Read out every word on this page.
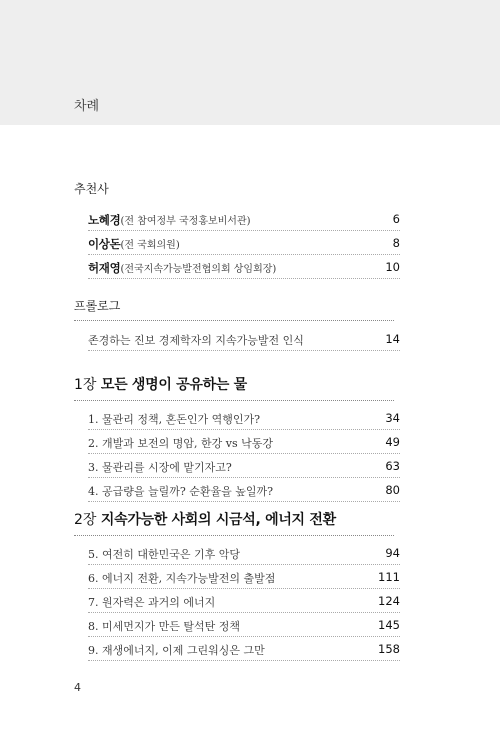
차례
추천사
노혜경(전 참여정부 국정홍보비서관)	6
이상돈(전 국회의원)	8
허재영(전국지속가능발전협의회 상임회장)	10
프롤로그
존경하는 진보 경제학자의 지속가능발전 인식	14
1장 모든 생명이 공유하는 물
1. 물관리 정책, 혼돈인가 역행인가?	34
2. 개발과 보전의 명암, 한강 vs 낙동강	49
3. 물관리를 시장에 맡기자고?	63
4. 공급량을 늘릴까? 순환율을 높일까?	80
2장 지속가능한 사회의 시금석, 에너지 전환
5. 여전히 대한민국은 기후 악당	94
6. 에너지 전환, 지속가능발전의 출발점	111
7. 원자력은 과거의 에너지	124
8. 미세먼지가 만든 탈석탄 정책	145
9. 재생에너지, 이제 그린워싱은 그만	158
4
